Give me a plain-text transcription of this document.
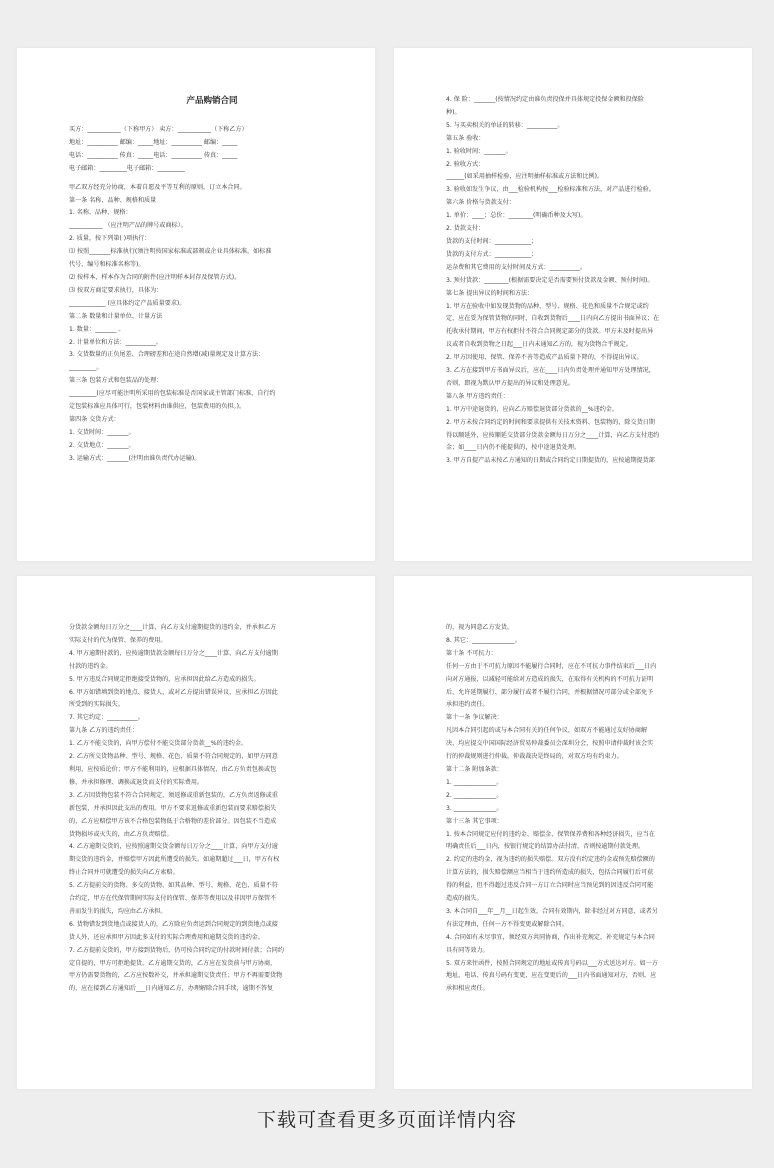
产品购销合同
买方：___________（下称甲方） 卖方：___________（下称乙方）
地址：__________ 邮编：_____地址：__________ 邮编：_____
电话：__________ 传真：_____电话：__________ 传真：_____
电子邮箱：_________电子邮箱：_________
甲乙双方经充分协商，本着自愿及平等互利的原则，订立本合同。
第一条 名称、品种、规格和质量
1. 名称、品种、规格：
___________ （应注明产品的牌号或商标）。
2. 质量，按下列第( )项执行：
⑴ 按照_______标准执行(须注明按国家标准或部颁或企业具体标准，如标准
代号、编号和标准名称等)。
⑵ 按样本，样本作为合同的附件(应注明样本封存及保管方式)。
⑶ 按双方商定要求执行，具体为：
____________ (应具体约定产品质量要求)。
第二条 数量和计量单位、计量方法
1. 数量：_______ 。
2. 计量单位和方法：__________。
3. 交货数量的正负尾差、合理磅差和在途自然增(减)量规定及计算方法：
_________。
第三条 包装方式和包装品的处理：
_________(应尽可能注明所采用的包装标准是否国家或主管部门标准，自行约
定包装标准应具体可行，包装材料由谁供应，包装费用的负担。)。
第四条 交货方式：
1. 交货时间：_______。
2. 交货地点：_______。
3. 运输方式：_______(注明由谁负责代办运输)。
4. 保 险：_______(按情况约定由谁负责投保并具体规定投保金额和投保险
种)。
5. 与买卖相关的单证的转移：__________。
第五条 验收：
1. 验收时间：_______。
2. 验收方式：
______(如采用抽样检验，应注明抽样标准或方法和比例)。
3. 验收如发生争议，由___检验机构按___检验标准和方法，对产品进行检验。
第六条 价格与货款支付：
1. 单价：____；总价：________(明确币种及大写)。
2. 货款支付：
货款的支付时间：____________；
货款的支付方式：____________；
运杂费和其它费用的支付时间及方式：__________。
3. 预付货款：________(根据需要决定是否需要预付货款及金额、预付时间)。
第七条 提出异议的时间和方法：
1. 甲方在验收中如发现货物的品种、型号、规格、花色和质量不合规定或约
定，应在妥为保管货物的同时，自收到货物后____日内向乙方提出书面异议；在
托收承付期间，甲方有权拒付不符合合同规定部分的货款。甲方未及时提出异
议或者自收到货物之日起___日内未通知乙方的，视为货物合乎规定。
2. 甲方因使用、保管、保养不善等造成产品质量下降的，不得提出异议。
3. 乙方在接到甲方书面异议后，应在____日内负责处理并通知甲方处理情况，
否则，即视为默认甲方提出的异议和处理意见。
第八条 甲方违约责任：
1. 甲方中途退货的，应向乙方赔偿退货部分货款的__%违约金。
2. 甲方未按合同约定的时间和要求提供有关技术资料、包装物的，除交货日期
得以顺延外，应按顺延交货部分货款金额每日万分之____计算，向乙方支付违约
金；如____日内仍不能提供的，按中途退货处理。
3. 甲方自提产品未按乙方通知的日期或合同约定日期提货的，应按逾期提货部
分货款金额每日万分之____计算，向乙方支付逾期提货的违约金，并承担乙方
实际支付的代为保管、保养的费用。
4. 甲方逾期付款的，应按逾期货款金额每日万分之____计算，向乙方支付逾期
付款的违约金。
5. 甲方违反合同规定拒绝接受货物的，应承担因此给乙方造成的损失。
6. 甲方如错填到货的地点、接货人，或对乙方提出错误异议，应承担乙方因此
所受到的实际损失。
7. 其它约定：__________。
第九条 乙方的违约责任：
1. 乙方不能交货的，向甲方偿付不能交货部分货款__%的违约金。
2. 乙方所交货物品种、型号、规格、花色、质量不符合同规定的，如甲方同意
利用，应按质论价；甲方不能利用的，应根据具体情况，由乙方负责包换或包
修，并承担修理、调换或退货而支付的实际费用。
3. 乙方因货物包装不符合合同规定，须返修或重新包装的，乙方负责返修或重
新包装，并承担因此支出的费用。甲方不要求返修或重新包装而要求赔偿损失
的，乙方应赔偿甲方该不合格包装物低于合格物的差价部分。因包装不当造成
货物损坏或灭失的，由乙方负责赔偿。
4. 乙方逾期交货的，应按照逾期交货金额每日万分之____计算，向甲方支付逾
期交货的违约金，并赔偿甲方因此所遭受的损失。如逾期超过___日，甲方有权
终止合同并可就遭受的损失向乙方索赔。
5. 乙方提前交的货物、多交的货物，如其品种、型号、规格、花色、质量不符
合约定，甲方在代保管期间实际支付的保管、保养等费用以及非因甲方保管不
善而发生的损失，均应由乙方承担。
6. 货物错发到货地点或接货人的，乙方除应负责运到合同规定的到货地点或接
货人外，还应承担甲方因此多支付的实际合理费用和逾期交货的违约金。
7. 乙方提前交货的，甲方接到货物后，仍可按合同约定的付款时间付款；合同约
定自提的，甲方可拒绝提货。乙方逾期交货的，乙方应在发货前与甲方协商，
甲方仍需要货物的，乙方应按数补交，并承担逾期交货责任；甲方不再需要货物
的，应在接到乙方通知后___日内通知乙方，办理解除合同手续，逾期不答复
的，视为同意乙方发货。
8. 其它：______________。
第十条 不可抗力：
任何一方由于不可抗力原因不能履行合同时，应在不可抗力事件结束后___日内
向对方通报，以减轻可能给对方造成的损失，在取得有关机构的不可抗力证明
后，允许延期履行、部分履行或者不履行合同，并根据情况可部分或全部免予
承担违约责任。
第十一条 争议解决：
凡因本合同引起的或与本合同有关的任何争议，如双方不能通过友好协商解
决，均应提交中国国际经济贸易仲裁委员会深圳分会，按照申请仲裁时该会实
行的仲裁规则进行仲裁。仲裁裁决是终局的，对双方均有约束力。
第十二条 附加条款：
1. ______________。
2. ______________。
3. ______________。
第十三条 其它事项：
1. 按本合同规定应付的违约金、赔偿金、保管保养费和各种经济损失，应当在
明确责任后___日内，按银行规定的结算办法付清，否则按逾期付款处理。
2. 约定的违约金，视为违约的损失赔偿。双方没有约定违约金或预先赔偿额的
计算方法的，损失赔偿额应当相当于违约所造成的损失，包括合同履行后可获
得的利益，但不得超过违反合同一方订立合同时应当预见到的因违反合同可能
造成的损失。
3. 本合同自___年__月__日起生效，合同有效期内，除非经过对方同意，或者另
有法定理由，任何一方不得变更或解除合同。
4. 合同如有未尽事宜，须经双方共同协商，作出补充规定，补充规定与本合同
具有同等效力。
5. 双方来往函件，按照合同规定的地址或传真号码以___方式送达对方。如一方
地址、电话、传真号码有变更，应在变更后的___日内书面通知对方，否则，应
承担相应责任。
下载可查看更多页面详情内容
